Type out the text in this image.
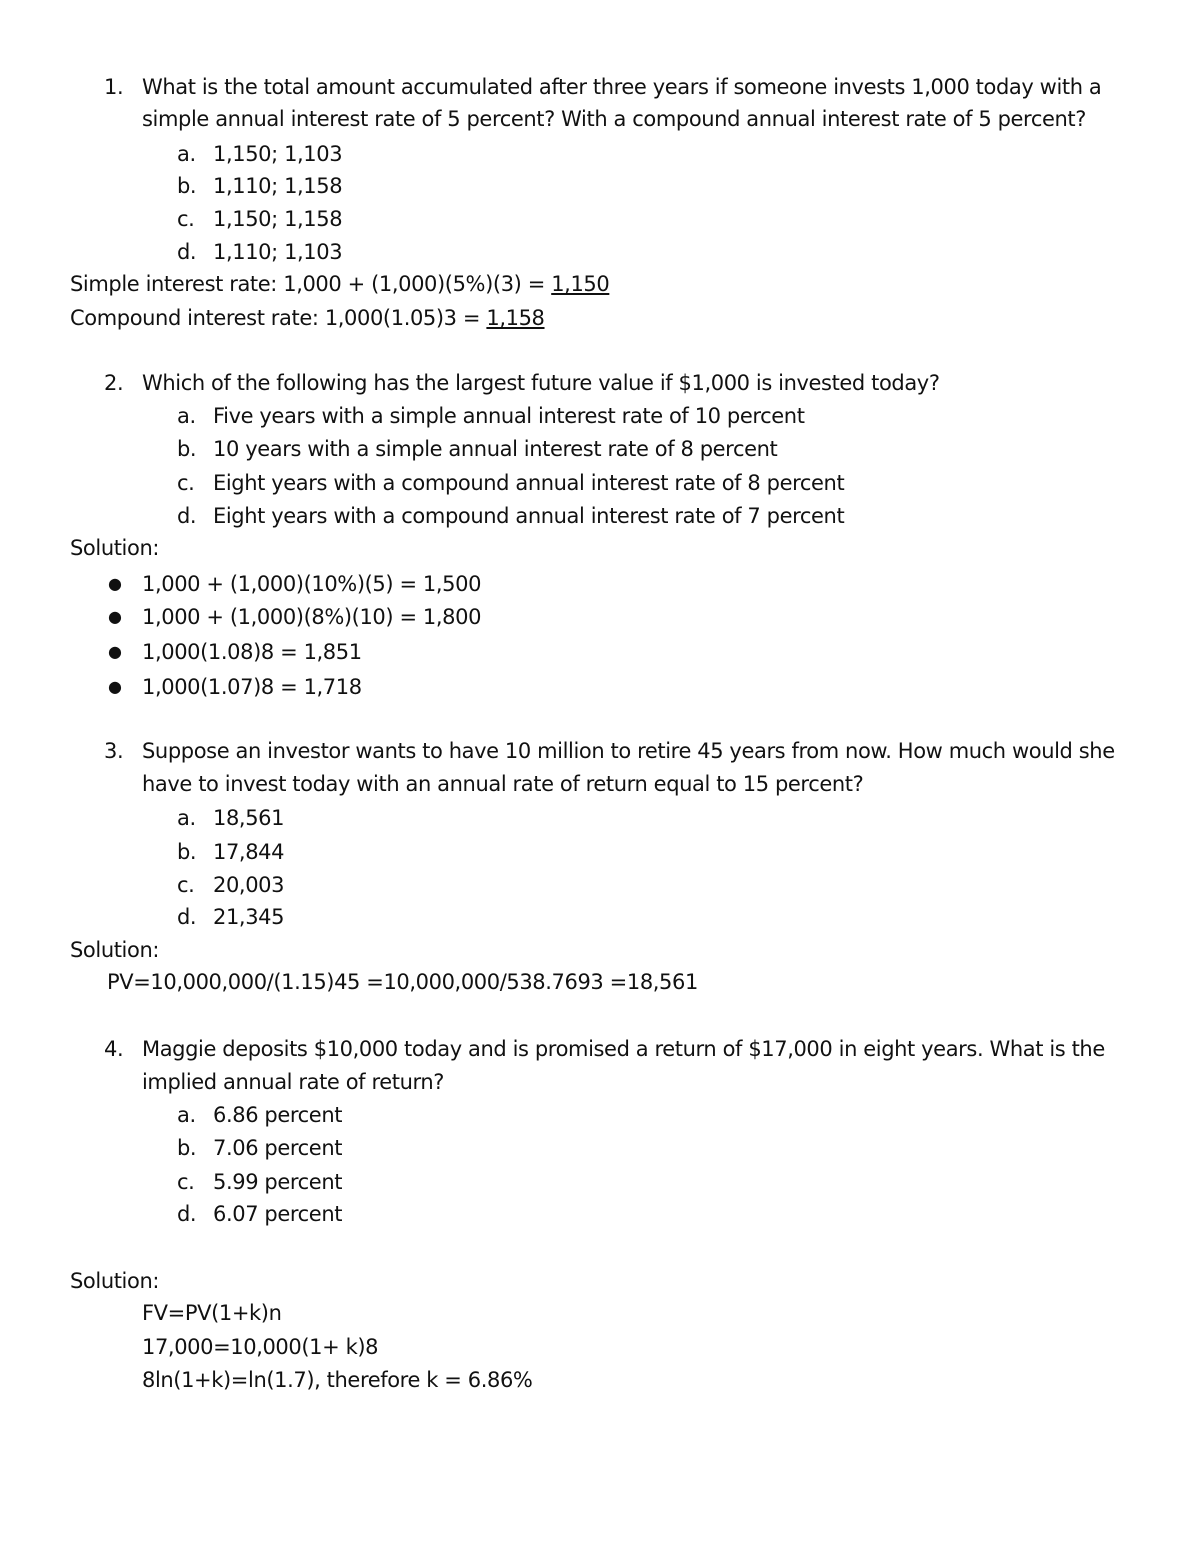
1. What is the total amount accumulated after three years if someone invests 1,000 today with a
simple annual interest rate of 5 percent? With a compound annual interest rate of 5 percent?
a. 1,150; 1,103
b. 1,110; 1,158
c. 1,150; 1,158
d. 1,110; 1,103
Simple interest rate: 1,000 + (1,000)(5%)(3) = 1,150
Compound interest rate: 1,000(1.05)3 = 1,158
2. Which of the following has the largest future value if $1,000 is invested today?
a. Five years with a simple annual interest rate of 10 percent
b. 10 years with a simple annual interest rate of 8 percent
c. Eight years with a compound annual interest rate of 8 percent
d. Eight years with a compound annual interest rate of 7 percent
Solution:
● 1,000 + (1,000)(10%)(5) = 1,500
● 1,000 + (1,000)(8%)(10) = 1,800
● 1,000(1.08)8 = 1,851
● 1,000(1.07)8 = 1,718
3. Suppose an investor wants to have 10 million to retire 45 years from now. How much would she
have to invest today with an annual rate of return equal to 15 percent?
a. 18,561
b. 17,844
c. 20,003
d. 21,345
Solution:
PV=10,000,000/(1.15)45 =10,000,000/538.7693 =18,561
4. Maggie deposits $10,000 today and is promised a return of $17,000 in eight years. What is the
implied annual rate of return?
a. 6.86 percent
b. 7.06 percent
c. 5.99 percent
d. 6.07 percent
Solution:
FV=PV(1+k)n
17,000=10,000(1+ k)8
8ln(1+k)=ln(1.7), therefore k = 6.86%
